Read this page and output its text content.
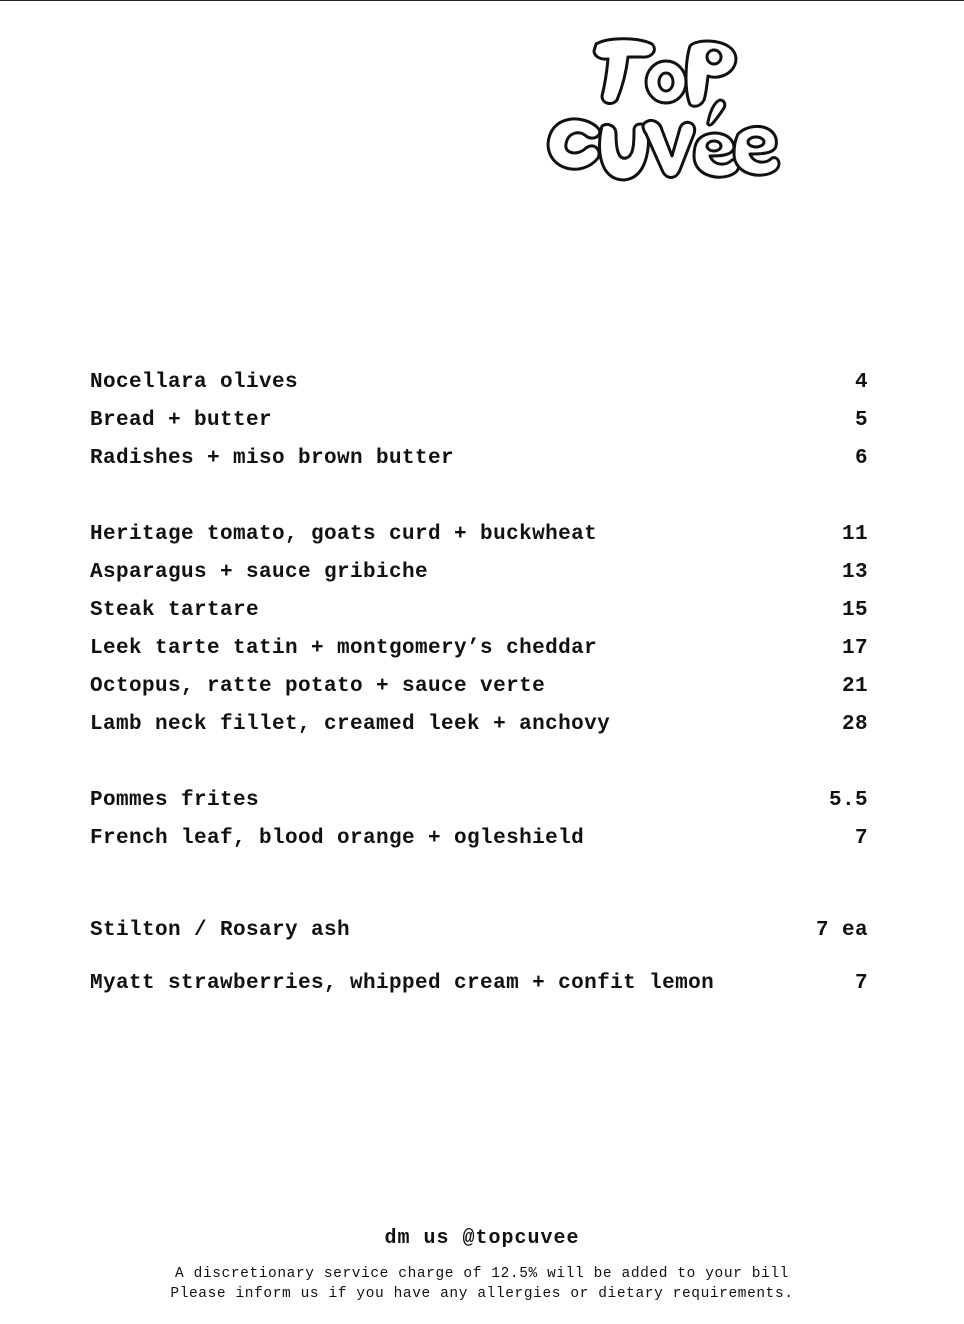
Nocellara olives	4
Bread + butter	5
Radishes + miso brown butter	6
Heritage tomato, goats curd + buckwheat	11
Asparagus + sauce gribiche	13
Steak tartare	15
Leek tarte tatin + montgomery’s cheddar	17
Octopus, ratte potato + sauce verte	21
Lamb neck fillet, creamed leek + anchovy	28
Pommes frites	5.5
French leaf, blood orange + ogleshield	7
Stilton / Rosary ash	7 ea
Myatt strawberries, whipped cream + confit lemon	7
dm us @topcuvee
A discretionary service charge of 12.5% will be added to your bill
Please inform us if you have any allergies or dietary requirements.
